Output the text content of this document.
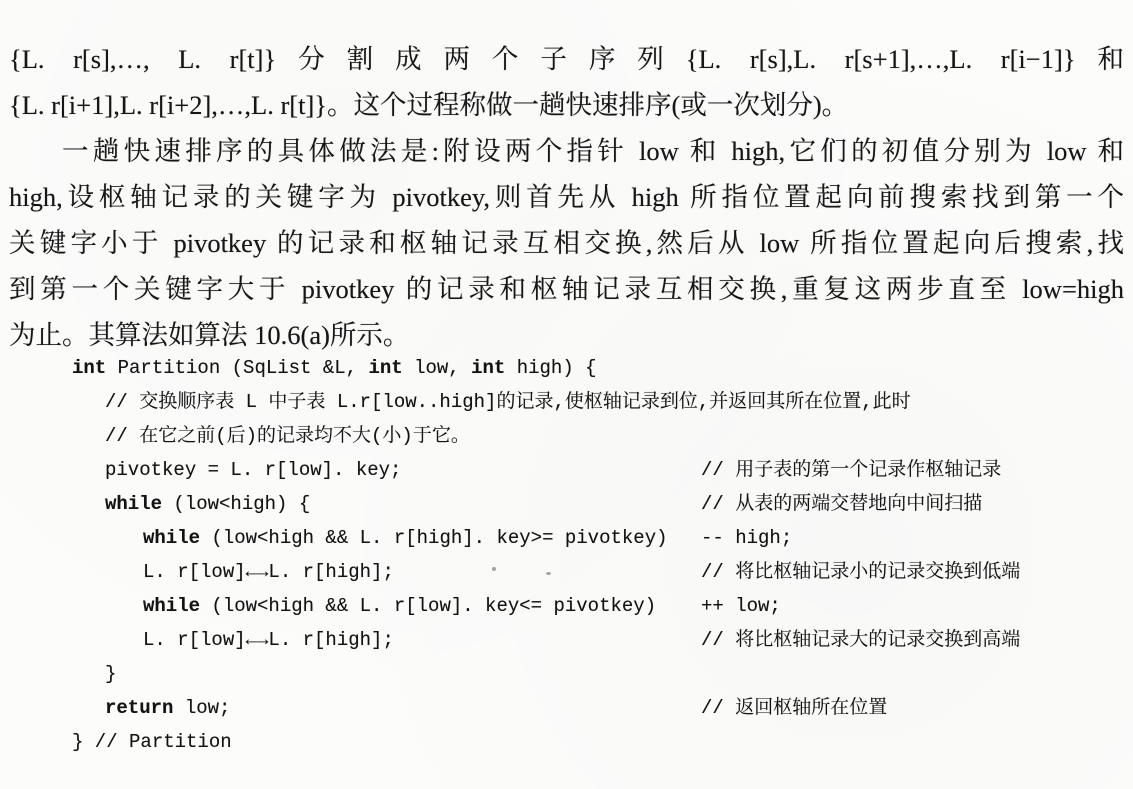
{L. r[s],…, L. r[t]}分割成两个子序列{L. r[s],L. r[s+1],…,L. r[i−1]}和
{L. r[i+1],L. r[i+2],…,L. r[t]}。这个过程称做一趟快速排序(或一次划分)。
一趟快速排序的具体做法是:附设两个指针 low 和 high,它们的初值分别为 low 和
high,设枢轴记录的关键字为 pivotkey,则首先从 high 所指位置起向前搜索找到第一个
关键字小于 pivotkey 的记录和枢轴记录互相交换,然后从 low 所指位置起向后搜索,找
到第一个关键字大于 pivotkey 的记录和枢轴记录互相交换,重复这两步直至 low=high
为止。其算法如算法 10.6(a)所示。
int Partition (SqList &L, int low, int high) {
// 交换顺序表 L 中子表 L.r[low..high]的记录,使枢轴记录到位,并返回其所在位置,此时
// 在它之前(后)的记录均不大(小)于它。
pivotkey = L. r[low]. key;	// 用子表的第一个记录作枢轴记录
while (low<high) {	// 从表的两端交替地向中间扫描
while (low<high && L. r[high]. key>= pivotkey) -- high;
L. r[low]←→L. r[high];	// 将比枢轴记录小的记录交换到低端
while (low<high && L. r[low]. key<= pivotkey) ++ low;
L. r[low]←→L. r[high];	// 将比枢轴记录大的记录交换到高端
}
return low;	// 返回枢轴所在位置
} // Partition
